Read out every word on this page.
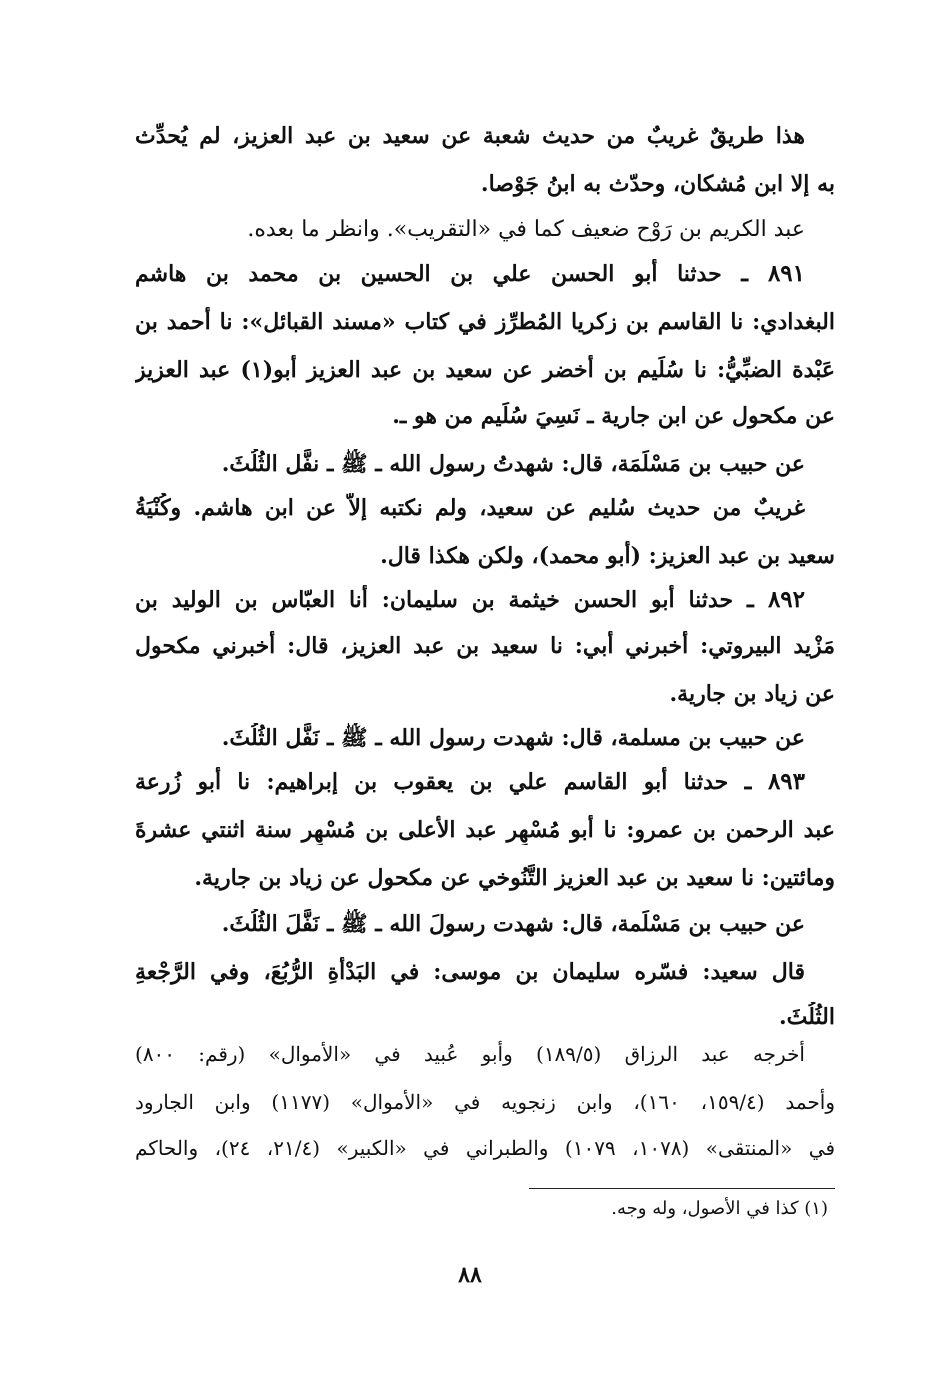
هذا طريقٌ غريبٌ من حديث شعبة عن سعيد بن عبد العزيز، لم يُحدِّث
به إلا ابن مُشكان، وحدّث به ابنُ جَوْصا.
عبد الكريم بن رَوْح ضعيف كما في «التقريب». وانظر ما بعده.
٨٩١ ـ حدثنا أبو الحسن علي بن الحسين بن محمد بن هاشم
البغدادي: نا القاسم بن زكريا المُطرِّز في كتاب «مسند القبائل»: نا أحمد بن
عَبْدة الضبِّيُّ: نا سُلَيم بن أخضر عن سعيد بن عبد العزيز أبو(١) عبد العزيز
عن مكحول عن ابن جارية ـ نَسِيَ سُلَيم من هو ـ.
عن حبيب بن مَسْلَمَة، قال: شهدتُ رسول الله ـ ﷺ ـ نفَّل الثُلُثَ.
غريبٌ من حديث سُليم عن سعيد، ولم نكتبه إلاّ عن ابن هاشم. وكُنْيَةُ
سعيد بن عبد العزيز: (أبو محمد)، ولكن هكذا قال.
٨٩٢ ـ حدثنا أبو الحسن خيثمة بن سليمان: أنا العبّاس بن الوليد بن
مَزْيد البيروتي: أخبرني أبي: نا سعيد بن عبد العزيز، قال: أخبرني مكحول
عن زياد بن جارية.
عن حبيب بن مسلمة، قال: شهدت رسول الله ـ ﷺ ـ نَفَّل الثُلُثَ.
٨٩٣ ـ حدثنا أبو القاسم علي بن يعقوب بن إبراهيم: نا أبو زُرعة
عبد الرحمن بن عمرو: نا أبو مُسْهِر عبد الأعلى بن مُسْهِر سنة اثنتي عشرةَ
ومائتين: نا سعيد بن عبد العزيز التَّنُوخي عن مكحول عن زياد بن جارية.
عن حبيب بن مَسْلَمة، قال: شهدت رسولَ الله ـ ﷺ ـ نَفَّلَ الثُلُثَ.
قال سعيد: فسّره سليمان بن موسى: في البَدْأَةِ الرُّبُعَ، وفي الرَّجْعةِ
الثُلُثَ.
أخرجه عبد الرزاق (١٨٩/٥) وأبو عُبيد في «الأموال» (رقم: ٨٠٠)
وأحمد (١٥٩/٤، ١٦٠)، وابن زنجويه في «الأموال» (١١٧٧) وابن الجارود
في «المنتقى» (١٠٧٨، ١٠٧٩) والطبراني في «الكبير» (٢١/٤، ٢٤)، والحاكم
(١) كذا في الأصول، وله وجه.
٨٨
